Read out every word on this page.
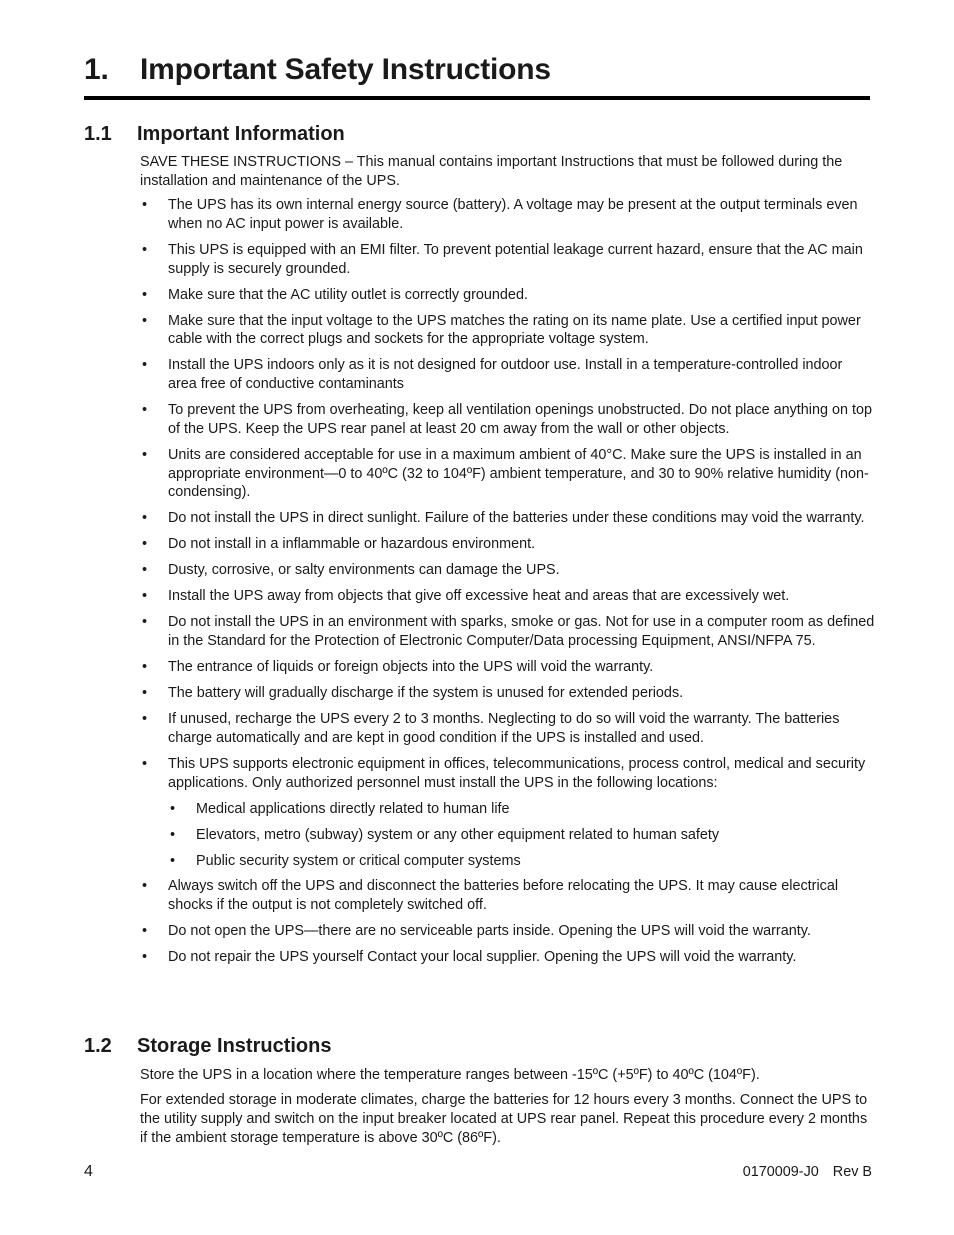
1. Important Safety Instructions
1.1 Important Information

SAVE THESE INSTRUCTIONS – This manual contains important Instructions that must be followed during the installation and maintenance of the UPS.

• The UPS has its own internal energy source (battery). A voltage may be present at the output terminals even when no AC input power is available.
• This UPS is equipped with an EMI filter. To prevent potential leakage current hazard, ensure that the AC main supply is securely grounded.
• Make sure that the AC utility outlet is correctly grounded.
• Make sure that the input voltage to the UPS matches the rating on its name plate. Use a certified input power cable with the correct plugs and sockets for the appropriate voltage system.
• Install the UPS indoors only as it is not designed for outdoor use. Install in a temperature-controlled indoor area free of conductive contaminants
• To prevent the UPS from overheating, keep all ventilation openings unobstructed. Do not place anything on top of the UPS. Keep the UPS rear panel at least 20 cm away from the wall or other objects.
• Units are considered acceptable for use in a maximum ambient of 40°C. Make sure the UPS is installed in an appropriate environment—0 to 40ºC (32 to 104ºF) ambient temperature, and 30 to 90% relative humidity (non-condensing).
• Do not install the UPS in direct sunlight. Failure of the batteries under these conditions may void the warranty.
• Do not install in a inflammable or hazardous environment.
• Dusty, corrosive, or salty environments can damage the UPS.
• Install the UPS away from objects that give off excessive heat and areas that are excessively wet.
• Do not install the UPS in an environment with sparks, smoke or gas. Not for use in a computer room as defined in the Standard for the Protection of Electronic Computer/Data processing Equipment, ANSI/NFPA 75.
• The entrance of liquids or foreign objects into the UPS will void the warranty.
• The battery will gradually discharge if the system is unused for extended periods.
• If unused, recharge the UPS every 2 to 3 months. Neglecting to do so will void the warranty. The batteries charge automatically and are kept in good condition if the UPS is installed and used.
• This UPS supports electronic equipment in offices, telecommunications, process control, medical and security applications. Only authorized personnel must install the UPS in the following locations:
• Medical applications directly related to human life
• Elevators, metro (subway) system or any other equipment related to human safety
• Public security system or critical computer systems
• Always switch off the UPS and disconnect the batteries before relocating the UPS. It may cause electrical shocks if the output is not completely switched off.
• Do not open the UPS—there are no serviceable parts inside. Opening the UPS will void the warranty.
• Do not repair the UPS yourself Contact your local supplier. Opening the UPS will void the warranty.
1.2 Storage Instructions

Store the UPS in a location where the temperature ranges between -15ºC (+5ºF) to 40ºC (104ºF).

For extended storage in moderate climates, charge the batteries for 12 hours every 3 months. Connect the UPS to the utility supply and switch on the input breaker located at UPS rear panel. Repeat this procedure every 2 months if the ambient storage temperature is above 30ºC (86ºF).

4	0170009-J0 Rev B
